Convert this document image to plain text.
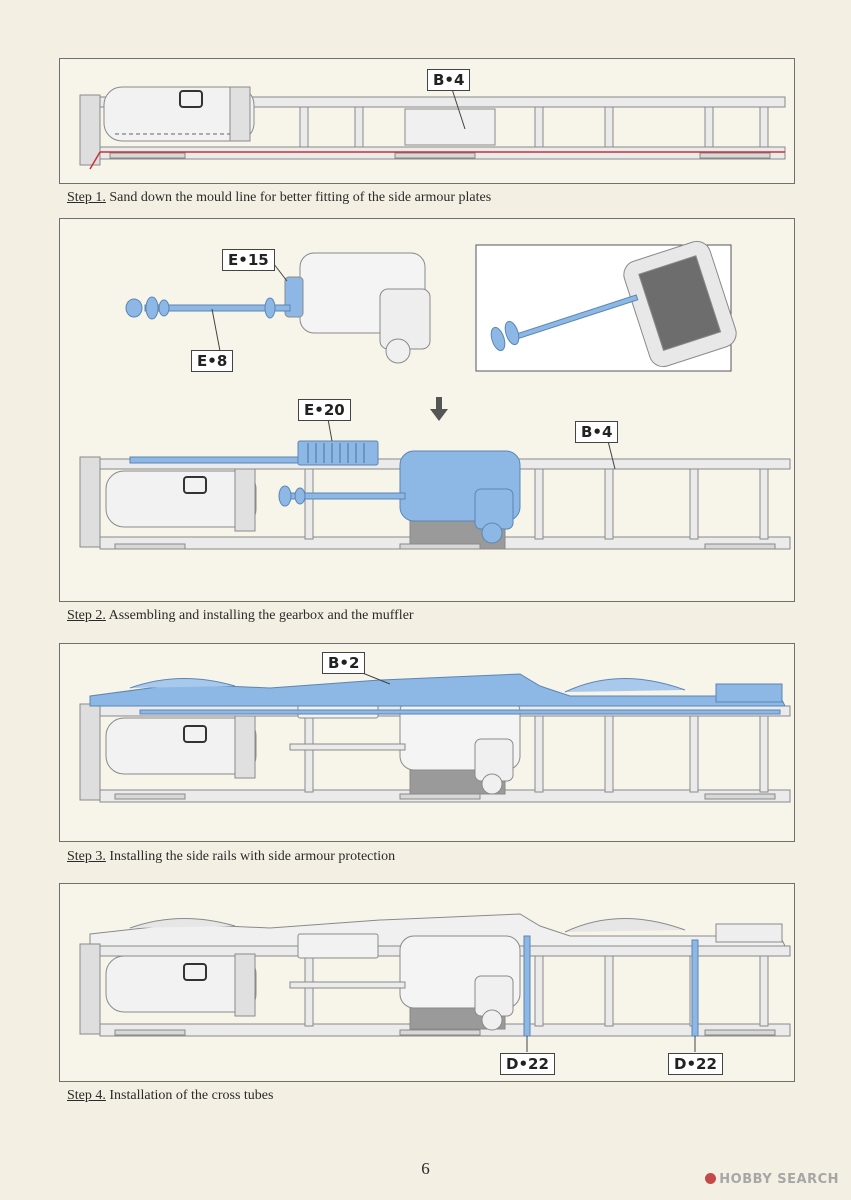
B•4
Step 1. Sand down the mould line for better fitting of the side armour plates
E•15
E•8
E•20
B•4
Step 2. Assembling and installing the gearbox and the muffler
B•2
Step 3. Installing the side rails with side armour protection
D•22	D•22
Step 4. Installation of the cross tubes
6
HOBBY SEARCH
